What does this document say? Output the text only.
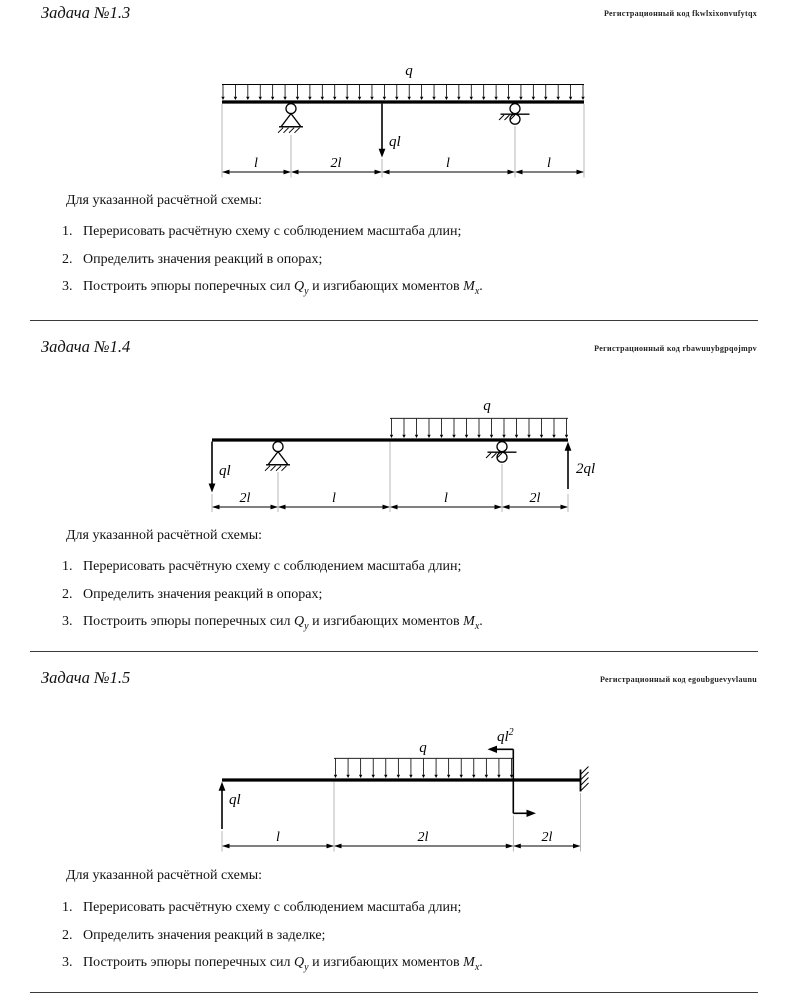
Задача №1.3	Регистрационный код fkwlxixonvufytqx
q
ql
l	2l	l	l
Для указанной расчётной схемы:
1. Перерисовать расчётную схему с соблюдением масштаба длин;
2. Определить значения реакций в опорах;
3. Построить эпюры поперечных сил $Q_y$ и изгибающих моментов $M_x$.
Задача №1.4	Регистрационный код rbawuuybgpqojmpv
q
ql	2ql
2l	l	l	2l
Для указанной расчётной схемы:
1. Перерисовать расчётную схему с соблюдением масштаба длин;
2. Определить значения реакций в опорах;
3. Построить эпюры поперечных сил $Q_y$ и изгибающих моментов $M_x$.
Задача №1.5	Регистрационный код egoubguevyvlaunu
q
ql
$ql^2$
l	2l	2l
Для указанной расчётной схемы:
1. Перерисовать расчётную схему с соблюдением масштаба длин;
2. Определить значения реакций в заделке;
3. Построить эпюры поперечных сил $Q_y$ и изгибающих моментов $M_x$.
